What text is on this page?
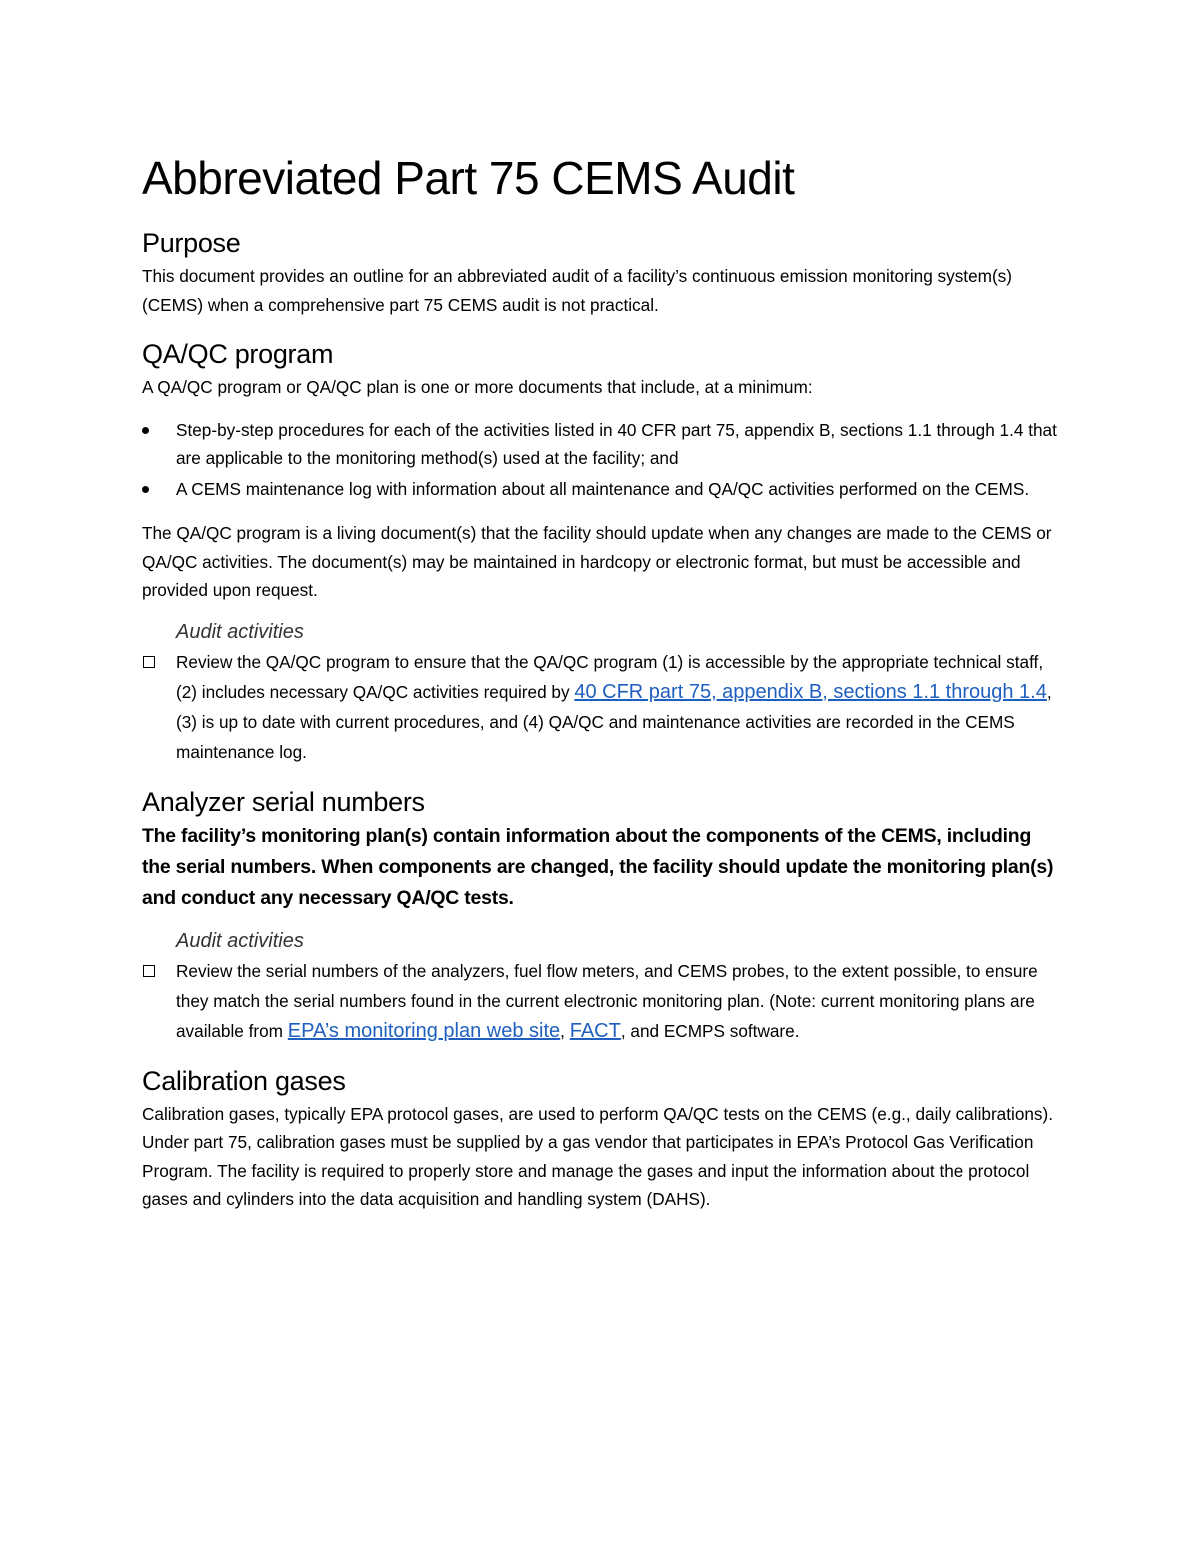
Abbreviated Part 75 CEMS Audit
Purpose

This document provides an outline for an abbreviated audit of a facility’s continuous emission monitoring system(s) (CEMS) when a comprehensive part 75 CEMS audit is not practical.

QA/QC program

A QA/QC program or QA/QC plan is one or more documents that include, at a minimum:

Step-by-step procedures for each of the activities listed in 40 CFR part 75, appendix B, sections 1.1 through 1.4 that are applicable to the monitoring method(s) used at the facility; and
A CEMS maintenance log with information about all maintenance and QA/QC activities performed on the CEMS.

The QA/QC program is a living document(s) that the facility should update when any changes are made to the CEMS or QA/QC activities. The document(s) may be maintained in hardcopy or electronic format, but must be accessible and provided upon request.

Audit activities
Review the QA/QC program to ensure that the QA/QC program (1) is accessible by the appropriate technical staff, (2) includes necessary QA/QC activities required by 40 CFR part 75, appendix B, sections 1.1 through 1.4, (3) is up to date with current procedures, and (4) QA/QC and maintenance activities are recorded in the CEMS maintenance log.
Analyzer serial numbers

The facility’s monitoring plan(s) contain information about the components of the CEMS, including the serial numbers. When components are changed, the facility should update the monitoring plan(s) and conduct any necessary QA/QC tests.

Audit activities
Review the serial numbers of the analyzers, fuel flow meters, and CEMS probes, to the extent possible, to ensure they match the serial numbers found in the current electronic monitoring plan. (Note: current monitoring plans are available from EPA’s monitoring plan web site, FACT, and ECMPS software.
Calibration gases

Calibration gases, typically EPA protocol gases, are used to perform QA/QC tests on the CEMS (e.g., daily calibrations). Under part 75, calibration gases must be supplied by a gas vendor that participates in EPA’s Protocol Gas Verification Program. The facility is required to properly store and manage the gases and input the information about the protocol gases and cylinders into the data acquisition and handling system (DAHS).
